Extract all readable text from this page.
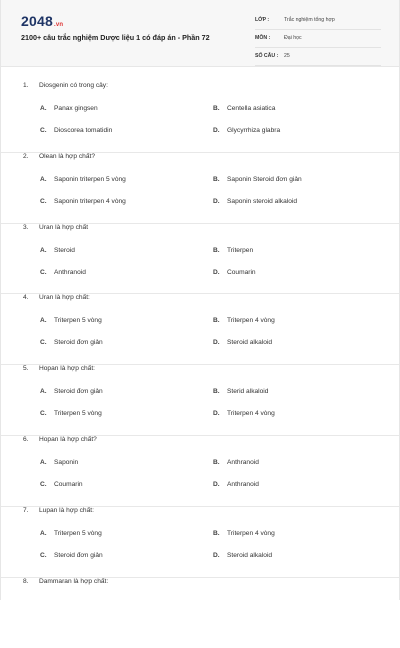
2048.vn
2100+ câu trắc nghiệm Dược liệu 1 có đáp án - Phần 72
LỚP :	Trắc nghiệm tổng hợp
MÔN :	Đại học
SỐ CÂU : 25
1. Diosgenin có trong cây:
A. Panax gingsen	B. Centella asiatica
C. Dioscorea tomatidin	D. Glycyrrhiza glabra
2. Olean là hợp chất?
A. Saponin triterpen 5 vòng	B. Saponin Steroid đơn giản
C. Saponin triterpen 4 vòng	D. Saponin steroid alkaloid
3. Uran là hợp chất
A. Steroid	B. Triterpen
C. Anthranoid	D. Coumarin
4. Uran là hợp chất:
A. Triterpen 5 vòng	B. Triterpen 4 vòng
C. Steroid đơn giản	D. Steroid alkaloid
5. Hopan là hợp chất:
A. Steroid đơn giản	B. Sterid alkaloid
C. Triterpen 5 vòng	D. Triterpen 4 vòng
6. Hopan là hợp chất?
A. Saponin	B. Anthranoid
C. Coumarin	D. Anthranoid
7. Lupan là hợp chất:
A. Triterpen 5 vòng	B. Triterpen 4 vòng
C. Steroid đơn giản	D. Steroid alkaloid
8. Dammaran là hợp chất:
